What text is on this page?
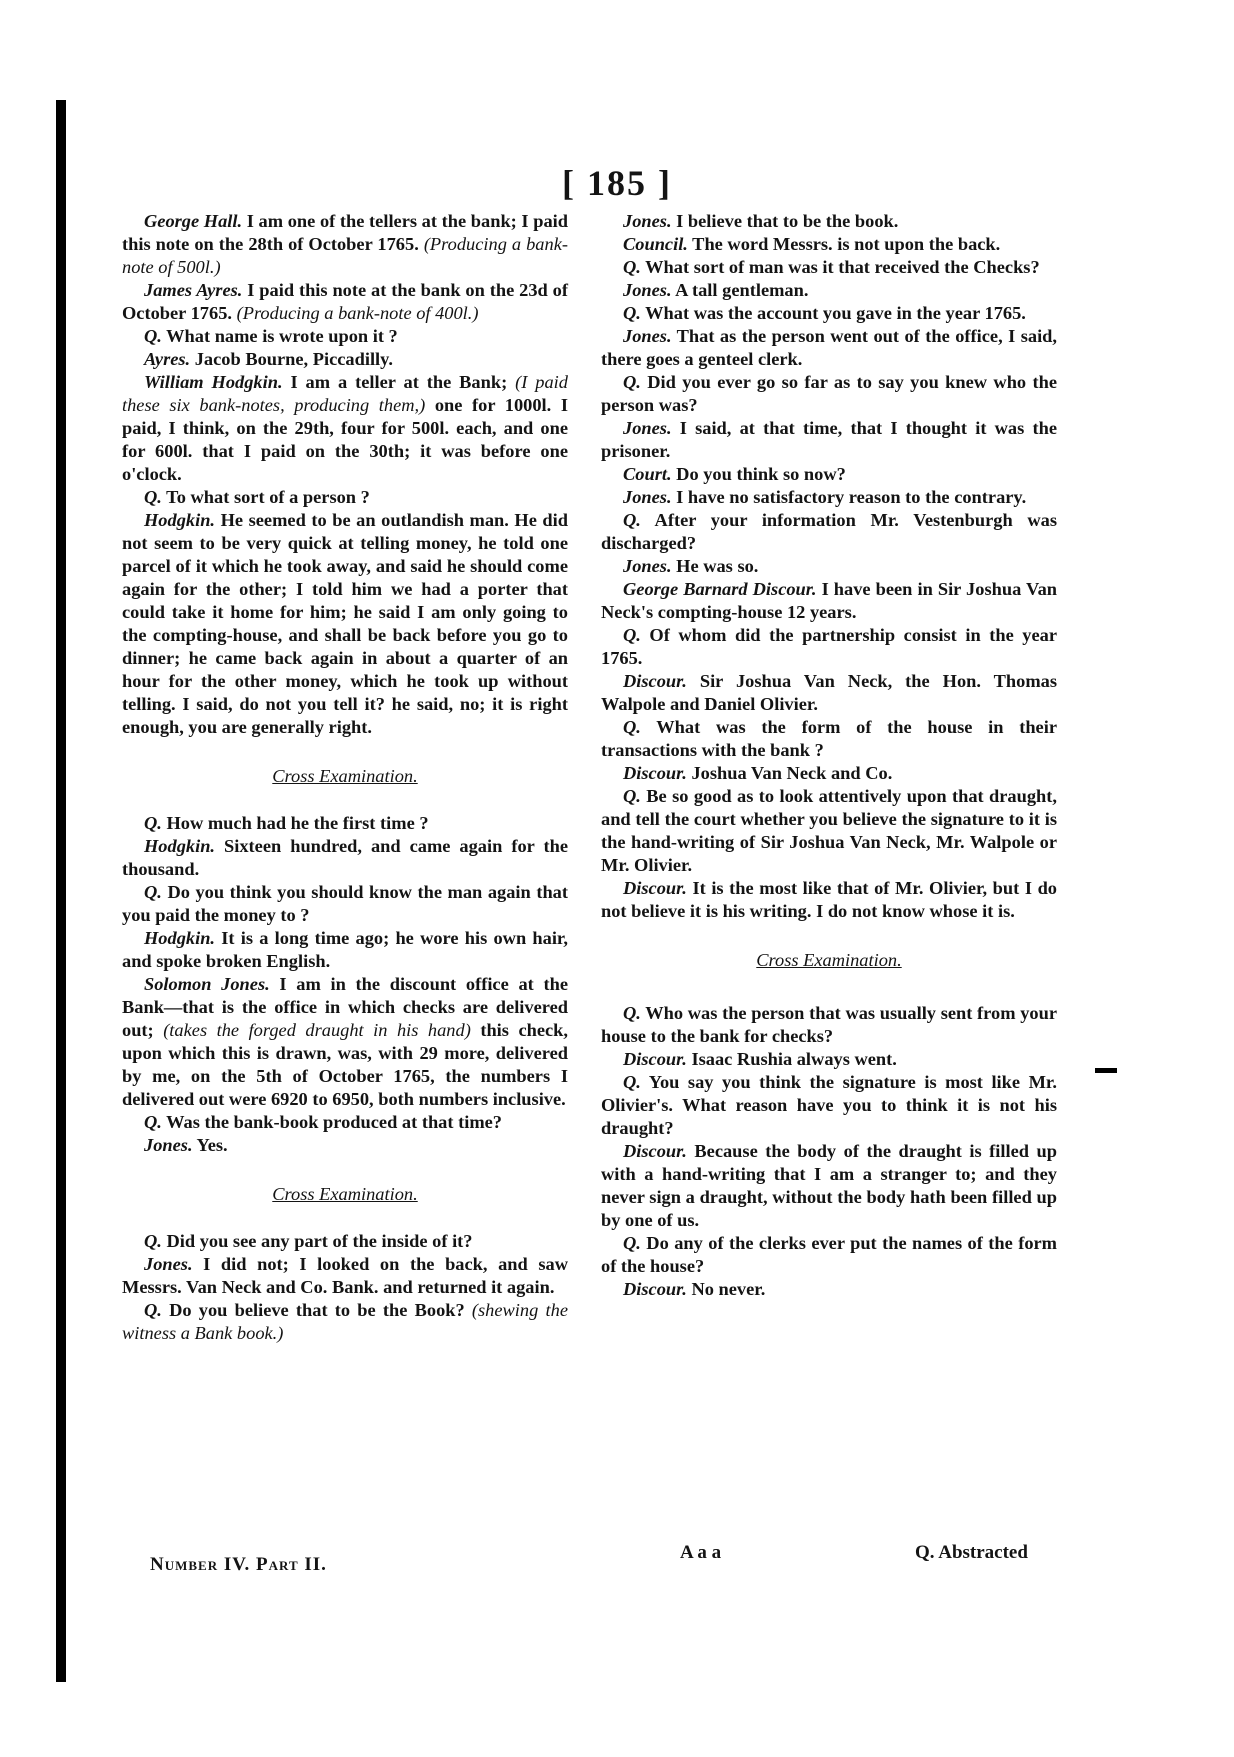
[ 185 ]

George Hall. I am one of the tellers at the bank; I paid this note on the 28th of October 1765. (Producing a bank-note of 500l.)

James Ayres. I paid this note at the bank on the 23d of October 1765. (Producing a bank-note of 400l.)

Q. What name is wrote upon it ?

Ayres. Jacob Bourne, Piccadilly.

William Hodgkin. I am a teller at the Bank; (I paid these six bank-notes, producing them,) one for 1000l. I paid, I think, on the 29th, four for 500l. each, and one for 600l. that I paid on the 30th; it was before one o'clock.

Q. To what sort of a person ?

Hodgkin. He seemed to be an outlandish man. He did not seem to be very quick at telling money, he told one parcel of it which he took away, and said he should come again for the other; I told him we had a porter that could take it home for him; he said I am only going to the compting-house, and shall be back before you go to dinner; he came back again in about a quarter of an hour for the other money, which he took up without telling. I said, do not you tell it? he said, no; it is right enough, you are generally right.

Cross Examination.

Q. How much had he the first time ?

Hodgkin. Sixteen hundred, and came again for the thousand.

Q. Do you think you should know the man again that you paid the money to ?

Hodgkin. It is a long time ago; he wore his own hair, and spoke broken English.

Solomon Jones. I am in the discount office at the Bank—that is the office in which checks are delivered out; (takes the forged draught in his hand) this check, upon which this is drawn, was, with 29 more, delivered by me, on the 5th of October 1765, the numbers I delivered out were 6920 to 6950, both numbers inclusive.

Q. Was the bank-book produced at that time?

Jones. Yes.

Cross Examination.

Q. Did you see any part of the inside of it?

Jones. I did not; I looked on the back, and saw Messrs. Van Neck and Co. Bank. and returned it again.

Q. Do you believe that to be the Book? (shewing the witness a Bank book.)

Jones. I believe that to be the book.

Council. The word Messrs. is not upon the back.

Q. What sort of man was it that received the Checks?

Jones. A tall gentleman.

Q. What was the account you gave in the year 1765.

Jones. That as the person went out of the office, I said, there goes a genteel clerk.

Q. Did you ever go so far as to say you knew who the person was?

Jones. I said, at that time, that I thought it was the prisoner.

Court. Do you think so now?

Jones. I have no satisfactory reason to the contrary.

Q. After your information Mr. Vestenburgh was discharged?

Jones. He was so.

George Barnard Discour. I have been in Sir Joshua Van Neck's compting-house 12 years.

Q. Of whom did the partnership consist in the year 1765.

Discour. Sir Joshua Van Neck, the Hon. Thomas Walpole and Daniel Olivier.

Q. What was the form of the house in their transactions with the bank ?

Discour. Joshua Van Neck and Co.

Q. Be so good as to look attentively upon that draught, and tell the court whether you believe the signature to it is the hand-writing of Sir Joshua Van Neck, Mr. Walpole or Mr. Olivier.

Discour. It is the most like that of Mr. Olivier, but I do not believe it is his writing. I do not know whose it is.

Cross Examination.

Q. Who was the person that was usually sent from your house to the bank for checks?

Discour. Isaac Rushia always went.

Q. You say you think the signature is most like Mr. Olivier's. What reason have you to think it is not his draught?

Discour. Because the body of the draught is filled up with a hand-writing that I am a stranger to; and they never sign a draught, without the body hath been filled up by one of us.

Q. Do any of the clerks ever put the names of the form of the house?

Discour. No never.

Number IV. Part II.
A a a	Q. Abstracted
